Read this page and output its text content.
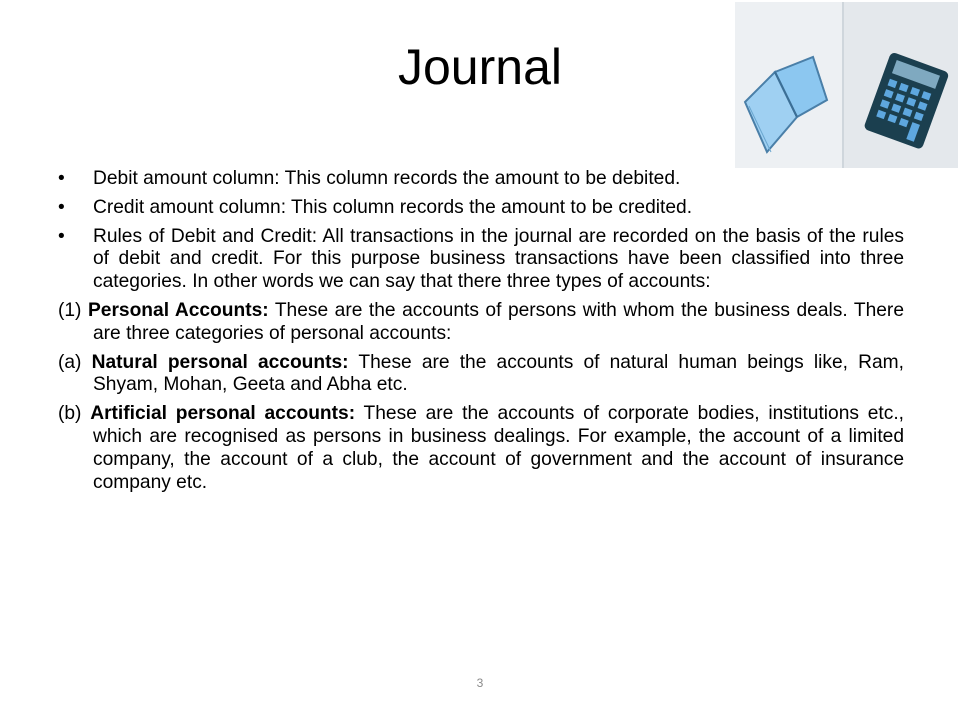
Journal
• Debit amount column: This column records the amount to be debited.
• Credit amount column: This column records the amount to be credited.
• Rules of Debit and Credit: All transactions in the journal are recorded on the basis of the rules of debit and credit. For this purpose business transactions have been classified into three categories. In other words we can say that there three types of accounts:
(1) Personal Accounts: These are the accounts of persons with whom the business deals. There are three categories of personal accounts:
(a) Natural personal accounts: These are the accounts of natural human beings like, Ram, Shyam, Mohan, Geeta and Abha etc.
(b) Artificial personal accounts: These are the accounts of corporate bodies, institutions etc., which are recognised as persons in business dealings. For example, the account of a limited company, the account of a club, the account of government and the account of insurance company etc.
3
